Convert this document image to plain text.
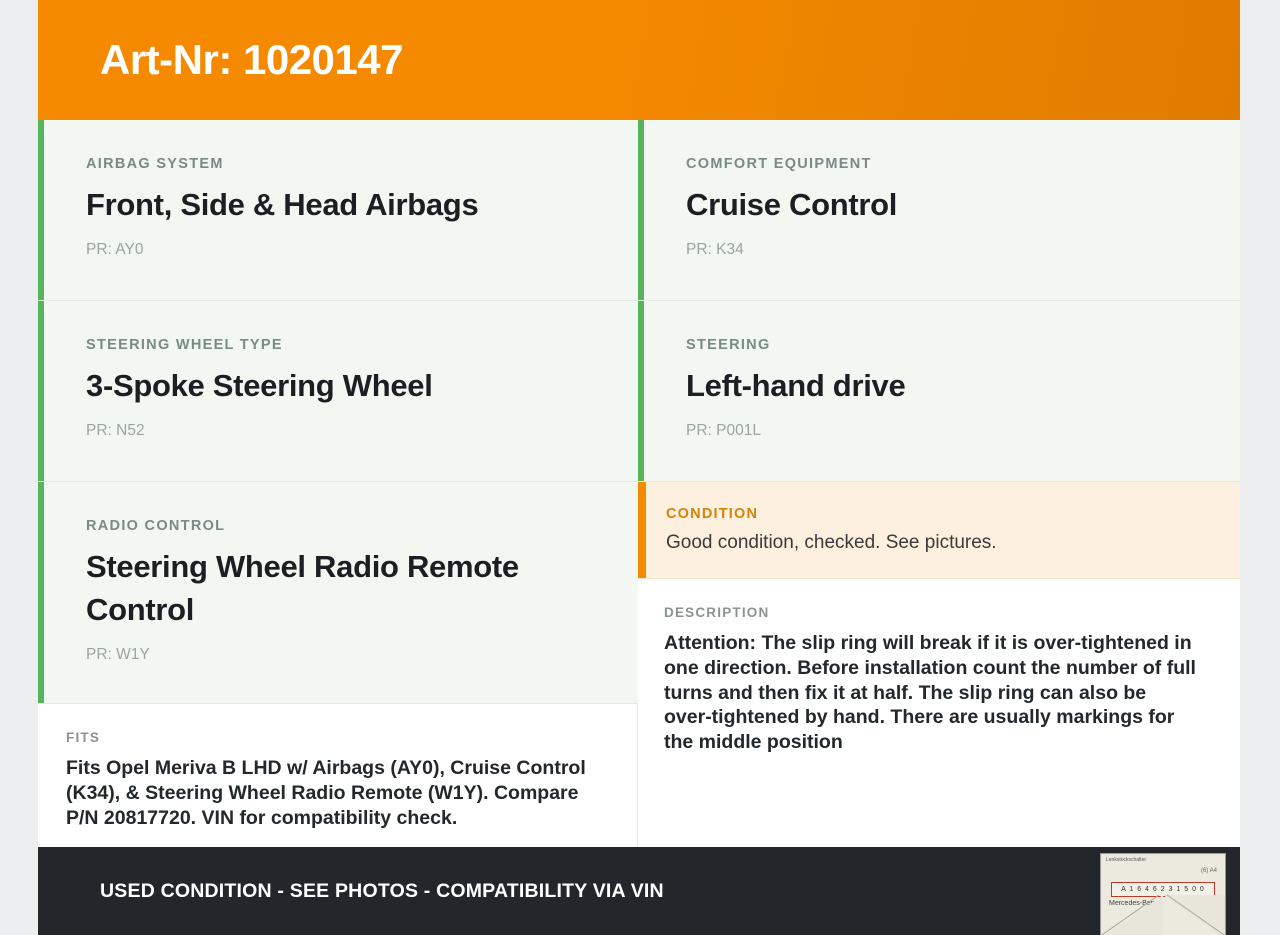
Art-Nr: 1020147
AIRBAG SYSTEM
Front, Side & Head Airbags
PR: AY0
STEERING WHEEL TYPE
3-Spoke Steering Wheel
PR: N52
RADIO CONTROL
Steering Wheel Radio Remote Control
PR: W1Y
FITS
Fits Opel Meriva B LHD w/ Airbags (AY0), Cruise Control (K34), & Steering Wheel Radio Remote (W1Y). Compare P/N 20817720. VIN for compatibility check.
COMFORT EQUIPMENT
Cruise Control
PR: K34
STEERING
Left-hand drive
PR: P001L
CONDITION
Good condition, checked. See pictures.
DESCRIPTION
Attention: The slip ring will break if it is over-tightened in one direction. Before installation count the number of full turns and then fix it at half. The slip ring can also be over-tightened by hand. There are usually markings for the middle position
USED CONDITION - SEE PHOTOS - COMPATIBILITY VIA VIN
Lenkstockschalter
(6) A4
A 1 6 4 6 2 3 1 5 0 0
Mercedes-Benz
